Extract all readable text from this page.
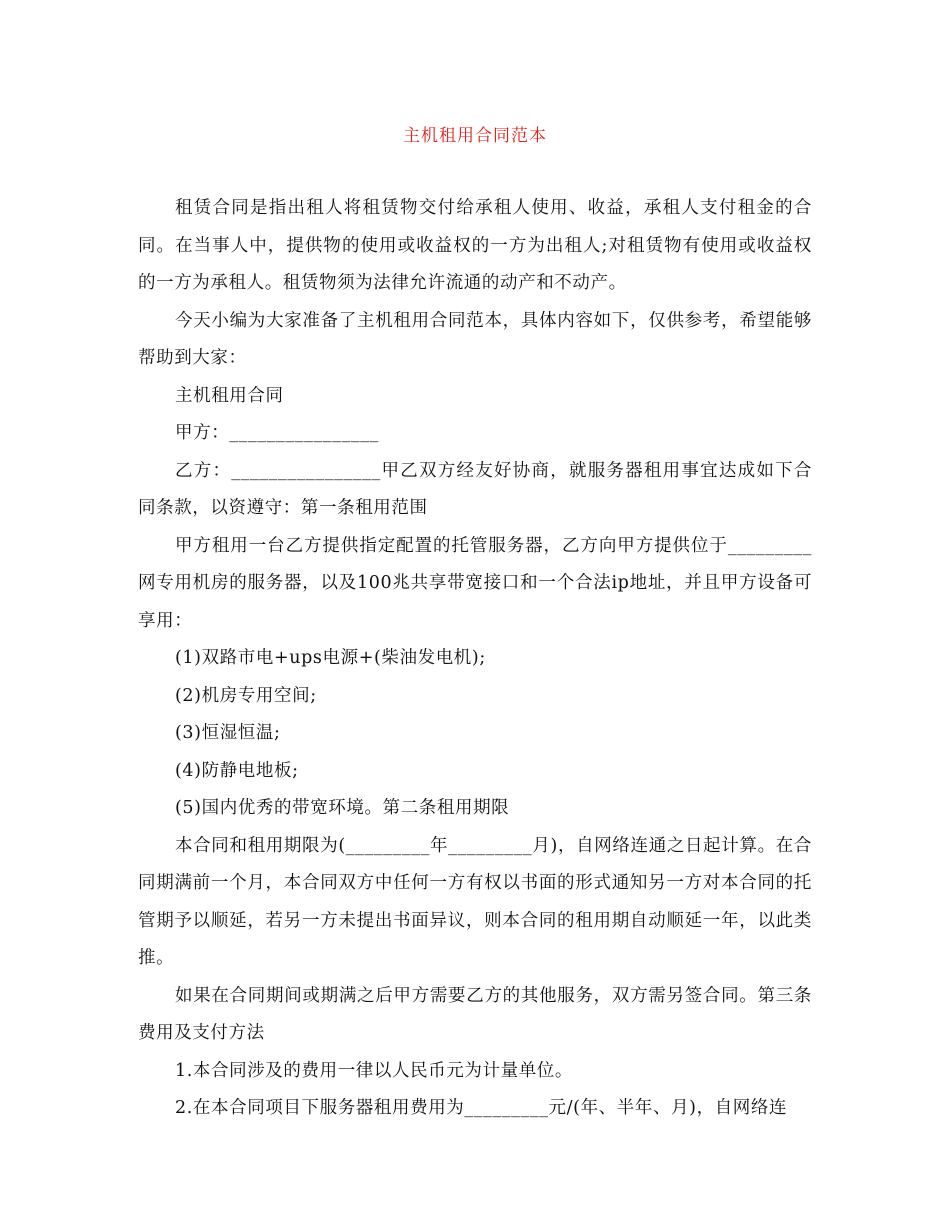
主机租用合同范本

租赁合同是指出租人将租赁物交付给承租人使用、收益，承租人支付租金的合同。在当事人中，提供物的使用或收益权的一方为出租人;对租赁物有使用或收益权的一方为承租人。租赁物须为法律允许流通的动产和不动产。

今天小编为大家准备了主机租用合同范本，具体内容如下，仅供参考，希望能够帮助到大家：

主机租用合同

甲方：________________

乙方：________________甲乙双方经友好协商，就服务器租用事宜达成如下合同条款，以资遵守：第一条租用范围

甲方租用一台乙方提供指定配置的托管服务器，乙方向甲方提供位于_________网专用机房的服务器，以及100兆共享带宽接口和一个合法ip地址，并且甲方设备可享用：

(1)双路市电+ups电源+(柴油发电机);

(2)机房专用空间;

(3)恒湿恒温;

(4)防静电地板;

(5)国内优秀的带宽环境。第二条租用期限

本合同和租用期限为(_________年_________月)，自网络连通之日起计算。在合同期满前一个月，本合同双方中任何一方有权以书面的形式通知另一方对本合同的托管期予以顺延，若另一方未提出书面异议，则本合同的租用期自动顺延一年，以此类推。

如果在合同期间或期满之后甲方需要乙方的其他服务，双方需另签合同。第三条费用及支付方法

1.本合同涉及的费用一律以人民币元为计量单位。

2.在本合同项目下服务器租用费用为_________元/(年、半年、月)，自网络连
